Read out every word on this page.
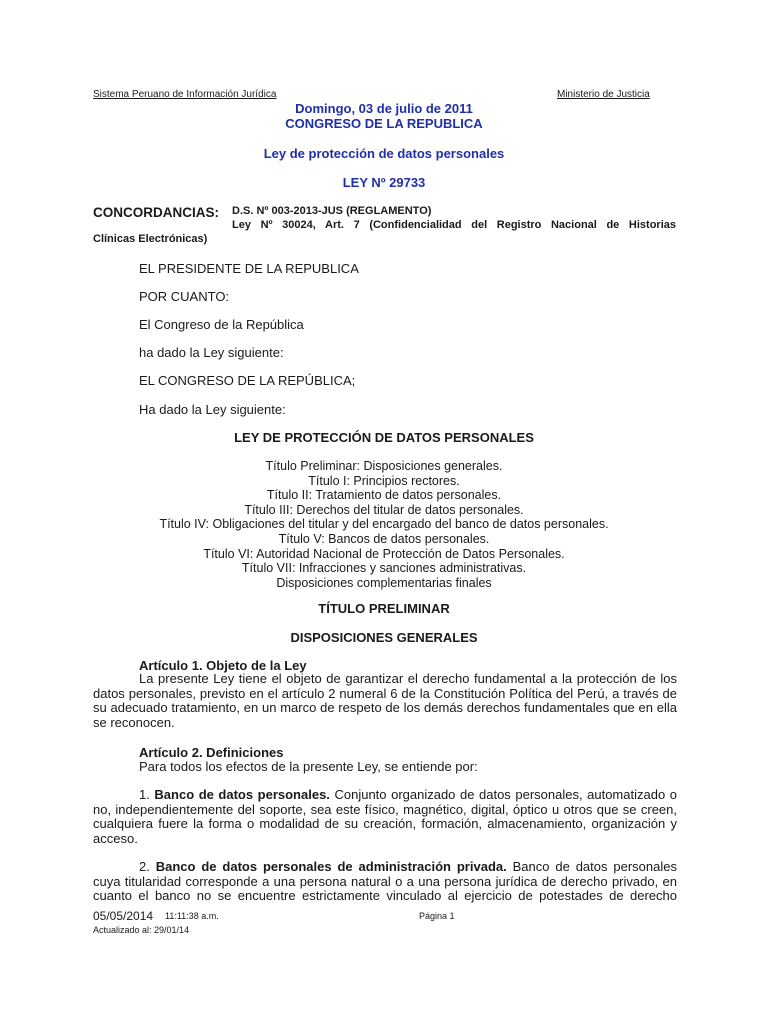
Sistema Peruano de Información Jurídica	Ministerio de Justicia
Domingo, 03 de julio de 2011
CONGRESO DE LA REPUBLICA
Ley de protección de datos personales
LEY Nº 29733
CONCORDANCIAS: D.S. Nº 003-2013-JUS (REGLAMENTO)
Ley Nº 30024, Art. 7 (Confidencialidad del Registro Nacional de Historias
Clínicas Electrónicas)
EL PRESIDENTE DE LA REPUBLICA
POR CUANTO:
El Congreso de la República
ha dado la Ley siguiente:
EL CONGRESO DE LA REPÚBLICA;
Ha dado la Ley siguiente:
LEY DE PROTECCIÓN DE DATOS PERSONALES
Título Preliminar: Disposiciones generales.
Título I: Principios rectores.
Título II: Tratamiento de datos personales.
Título III: Derechos del titular de datos personales.
Título IV: Obligaciones del titular y del encargado del banco de datos personales.
Título V: Bancos de datos personales.
Título VI: Autoridad Nacional de Protección de Datos Personales.
Título VII: Infracciones y sanciones administrativas.
Disposiciones complementarias finales
TÍTULO PRELIMINAR
DISPOSICIONES GENERALES
Artículo 1. Objeto de la Ley
La presente Ley tiene el objeto de garantizar el derecho fundamental a la protección de los
datos personales, previsto en el artículo 2 numeral 6 de la Constitución Política del Perú, a través de
su adecuado tratamiento, en un marco de respeto de los demás derechos fundamentales que en ella
se reconocen.
Artículo 2. Definiciones
Para todos los efectos de la presente Ley, se entiende por:
1. Banco de datos personales. Conjunto organizado de datos personales, automatizado o
no, independientemente del soporte, sea este físico, magnético, digital, óptico u otros que se creen,
cualquiera fuere la forma o modalidad de su creación, formación, almacenamiento, organización y
acceso.
2. Banco de datos personales de administración privada. Banco de datos personales
cuya titularidad corresponde a una persona natural o a una persona jurídica de derecho privado, en
cuanto el banco no se encuentre estrictamente vinculado al ejercicio de potestades de derecho
05/05/2014 11:11:38 a.m.	Página 1
Actualizado al: 29/01/14
